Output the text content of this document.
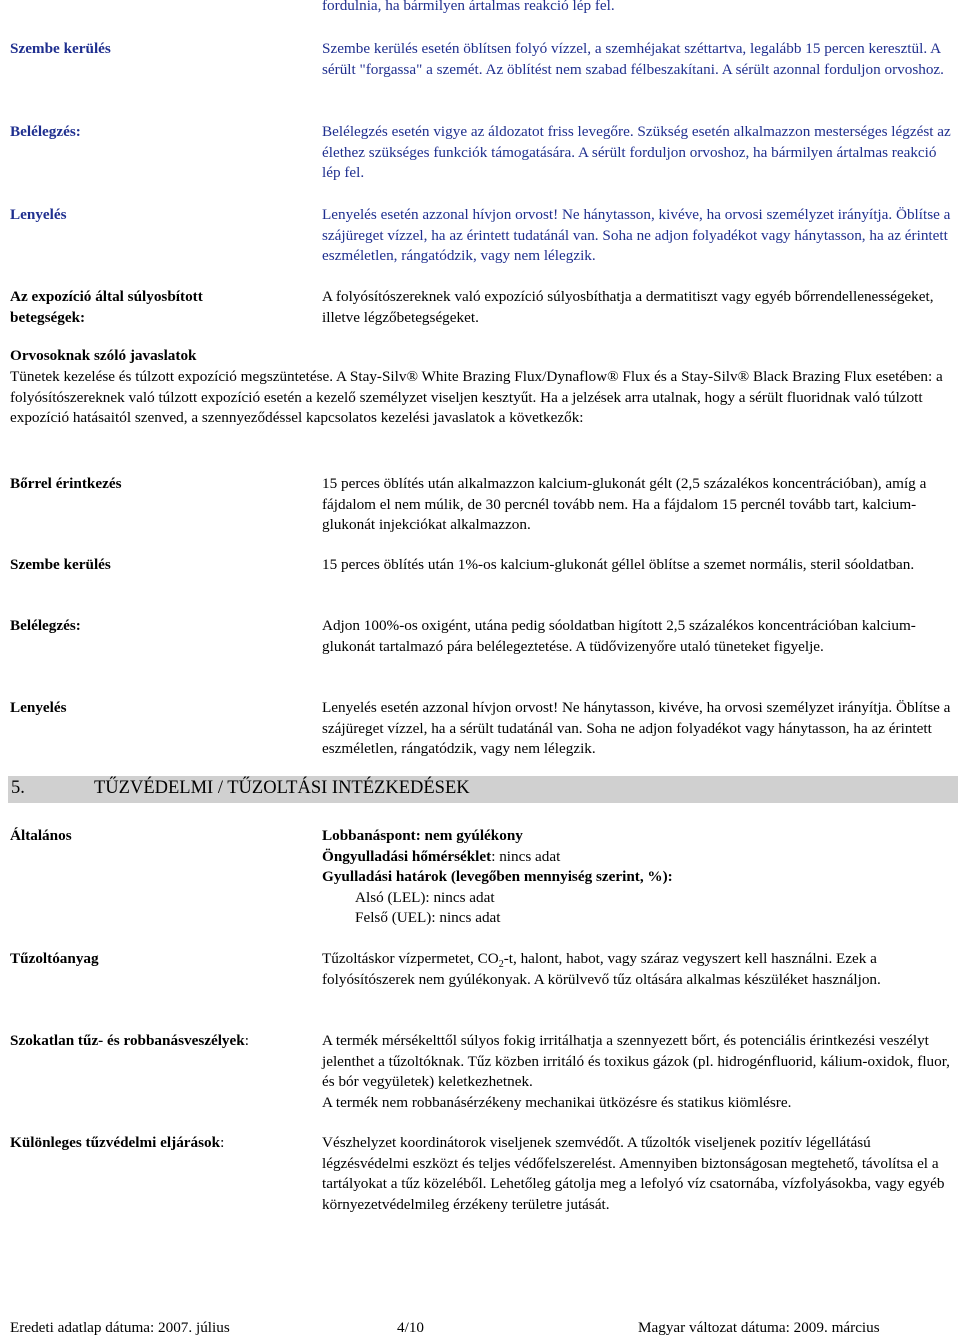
fordulnia, ha bármilyen ártalmas reakció lép fel.
Szembe kerülés	Szembe kerülés esetén öblítsen folyó vízzel, a szemhéjakat széttartva, legalább 15 percen keresztül. A sérült "forgassa" a szemét. Az öblítést nem szabad félbeszakítani. A sérült azonnal forduljon orvoshoz.
Belélegzés:	Belélegzés esetén vigye az áldozatot friss levegőre. Szükség esetén alkalmazzon mesterséges légzést az élethez szükséges funkciók támogatására. A sérült forduljon orvoshoz, ha bármilyen ártalmas reakció lép fel.
Lenyelés	Lenyelés esetén azzonal hívjon orvost! Ne hánytasson, kivéve, ha orvosi személyzet irányítja. Öblítse a szájüreget vízzel, ha az érintett tudatánál van. Soha ne adjon folyadékot vagy hánytasson, ha az érintett eszméletlen, rángatódzik, vagy nem lélegzik.
Az expozíció által súlyosbított betegségek:
A folyósítószereknek való expozíció súlyosbíthatja a dermatitiszt vagy egyéb bőrrendellenességeket, illetve légzőbetegségeket.
Orvosoknak szóló javaslatok
Tünetek kezelése és túlzott expozíció megszüntetése. A Stay-Silv® White Brazing Flux/Dynaflow® Flux és a Stay-Silv® Black Brazing Flux esetében: a folyósítószereknek való túlzott expozíció esetén a kezelő személyzet viseljen kesztyűt. Ha a jelzések arra utalnak, hogy a sérült fluoridnak való túlzott expozíció hatásaitól szenved, a szennyeződéssel kapcsolatos kezelési javaslatok a következők:
Bőrrel érintkezés	15 perces öblítés után alkalmazzon kalcium-glukonát gélt (2,5 százalékos koncentrációban), amíg a fájdalom el nem múlik, de 30 percnél tovább nem. Ha a fájdalom 15 percnél tovább tart, kalcium-glukonát injekciókat alkalmazzon.
Szembe kerülés	15 perces öblítés után 1%-os kalcium-glukonát géllel öblítse a szemet normális, steril sóoldatban.
Belélegzés:	Adjon 100%-os oxigént, utána pedig sóoldatban higított 2,5 százalékos koncentrációban kalcium-glukonát tartalmazó pára belélegeztetése. A tüdővizenyőre utaló tüneteket figyelje.
Lenyelés	Lenyelés esetén azzonal hívjon orvost! Ne hánytasson, kivéve, ha orvosi személyzet irányítja. Öblítse a szájüreget vízzel, ha a sérült tudatánál van. Soha ne adjon folyadékot vagy hánytasson, ha az érintett eszméletlen, rángatódzik, vagy nem lélegzik.
5.	TŰZVÉDELMI / TŰZOLTÁSI INTÉZKEDÉSEK
Általános	Lobbanáspont: nem gyúlékony

Öngyulladási hőmérséklet: nincs adat

Gyulladási határok (levegőben mennyiség szerint, %):

Alsó (LEL): nincs adat

Felső (UEL): nincs adat

Tűzoltóanyag	Tűzoltáskor vízpermetet, $CO_2-t$, halont, habot, vagy száraz vegyszert kell használni. Ezek a folyósítószerek nem gyúlékonyak. A körülvevő tűz oltására alkalmas készüléket használjon.
Szokatlan tűz- és robbanásveszélyek:	A termék mérsékelttől súlyos fokig irritálhatja a szennyezett bőrt, és potenciális érintkezési veszélyt jelenthet a tűzoltóknak. Tűz közben irritáló és toxikus gázok (pl. hidrogénfluorid, kálium-oxidok, fluor, és bór vegyületek) keletkezhetnek.

A termék nem robbanásérzékeny mechanikai ütközésre és statikus kiömlésre.

Különleges tűzvédelmi eljárások:	Vészhelyzet koordinátorok viseljenek szemvédőt. A tűzoltók viseljenek pozitív légellátású légzésvédelmi eszközt és teljes védőfelszerelést. Amennyiben biztonságosan megtehető, távolítsa el a tartályokat a tűz közeléből. Lehetőleg gátolja meg a lefolyó víz csatornába, vízfolyásokba, vagy egyéb környezetvédelmileg érzékeny területre jutását.
Eredeti adatlap dátuma: 2007. július	4/10	Magyar változat dátuma: 2009. március
